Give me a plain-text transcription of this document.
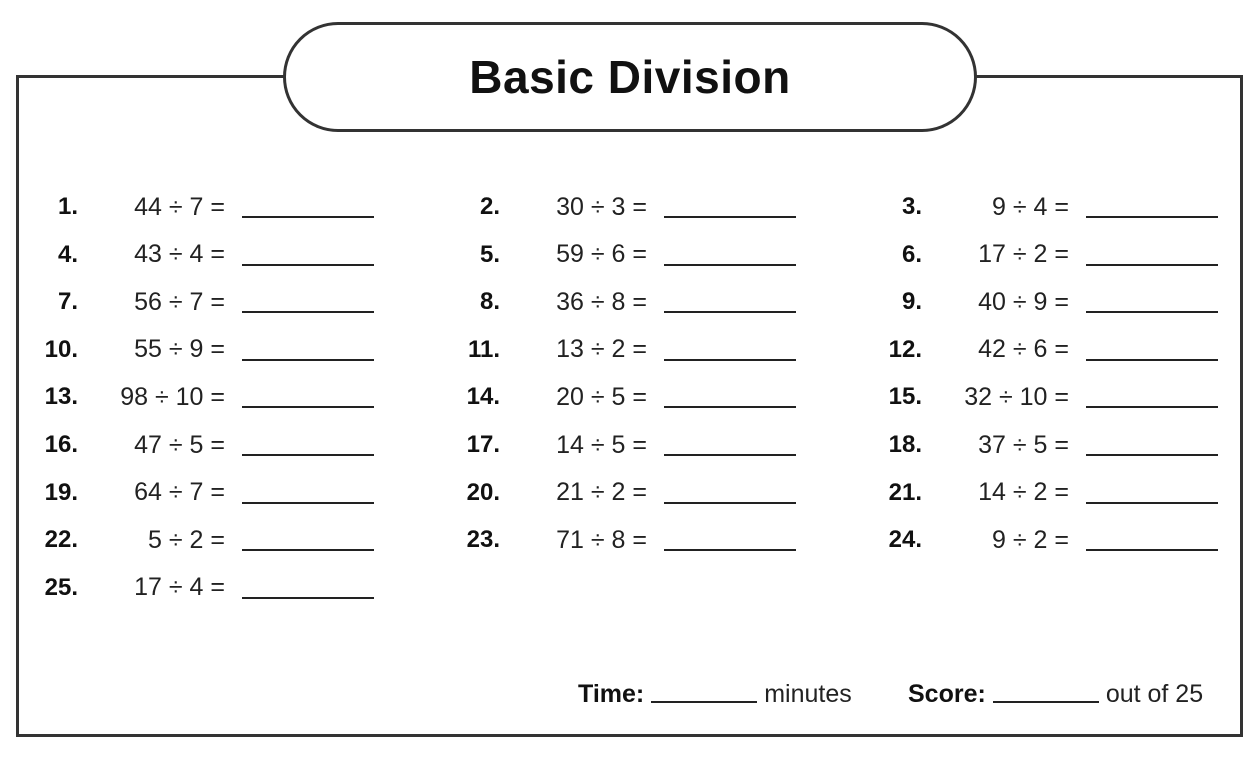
Basic Division
1.	44 ÷ 7 =	2.	30 ÷ 3 =	3.	9 ÷ 4 =
4.	43 ÷ 4 =	5.	59 ÷ 6 =	6.	17 ÷ 2 =
7.	56 ÷ 7 =	8.	36 ÷ 8 =	9.	40 ÷ 9 =
10.	55 ÷ 9 =	11.	13 ÷ 2 =	12.	42 ÷ 6 =
13.	98 ÷ 10 =	14.	20 ÷ 5 =	15.	32 ÷ 10 =
16.	47 ÷ 5 =	17.	14 ÷ 5 =	18.	37 ÷ 5 =
19.	64 ÷ 7 =	20.	21 ÷ 2 =	21.	14 ÷ 2 =
22.	5 ÷ 2 =	23.	71 ÷ 8 =	24.	9 ÷ 2 =
25.	17 ÷ 4 =
Time:	minutes Score:	out of 25
